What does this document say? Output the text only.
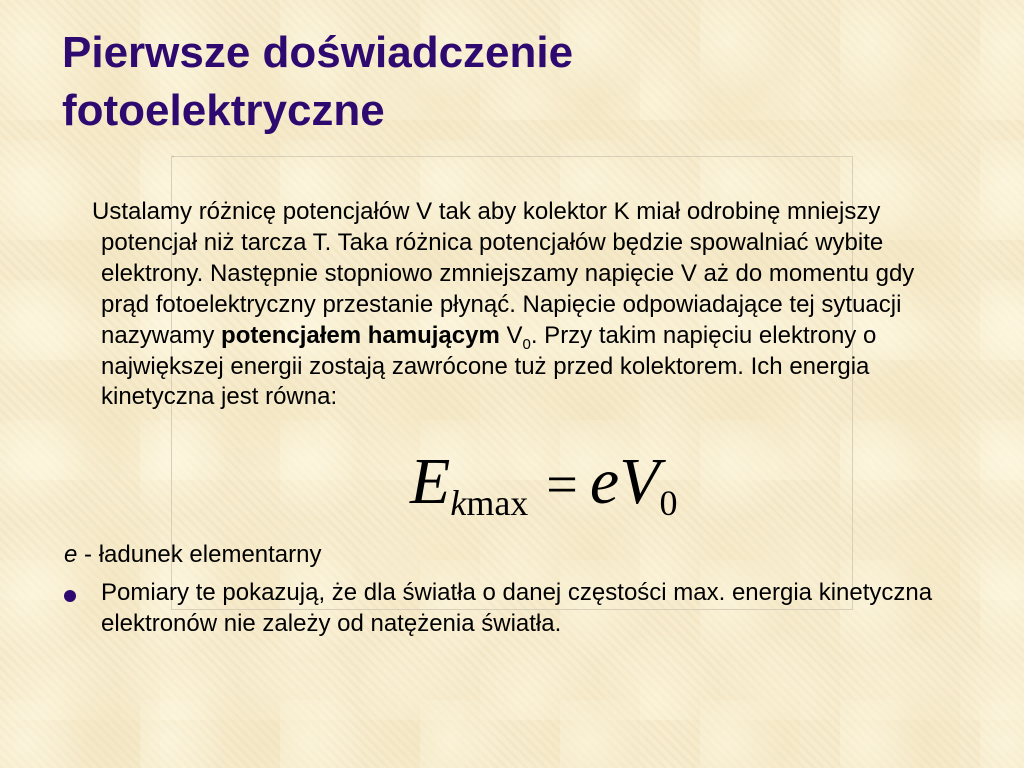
Pierwsze doświadczenie
fotoelektryczne
▫

Ustalamy różnicę potencjałów V tak aby kolektor K miał odrobinę mniejszy potencjał niż tarcza T. Taka różnica potencjałów będzie spowalniać wybite elektrony. Następnie stopniowo zmniejszamy napięcie V aż do momentu gdy prąd fotoelektryczny przestanie płynąć. Napięcie odpowiadające tej sytuacji nazywamy potencjałem hamującym $V_0$. Przy takim napięciu elektrony o największej energii zostają zawrócone tuż przed kolektorem. Ich energia kinetyczna jest równa:

Ekmax = eV0
e - ładunek elementarny
Pomiary te pokazują, że dla światła o danej częstości max. energia kinetyczna elektronów nie zależy od natężenia światła.
